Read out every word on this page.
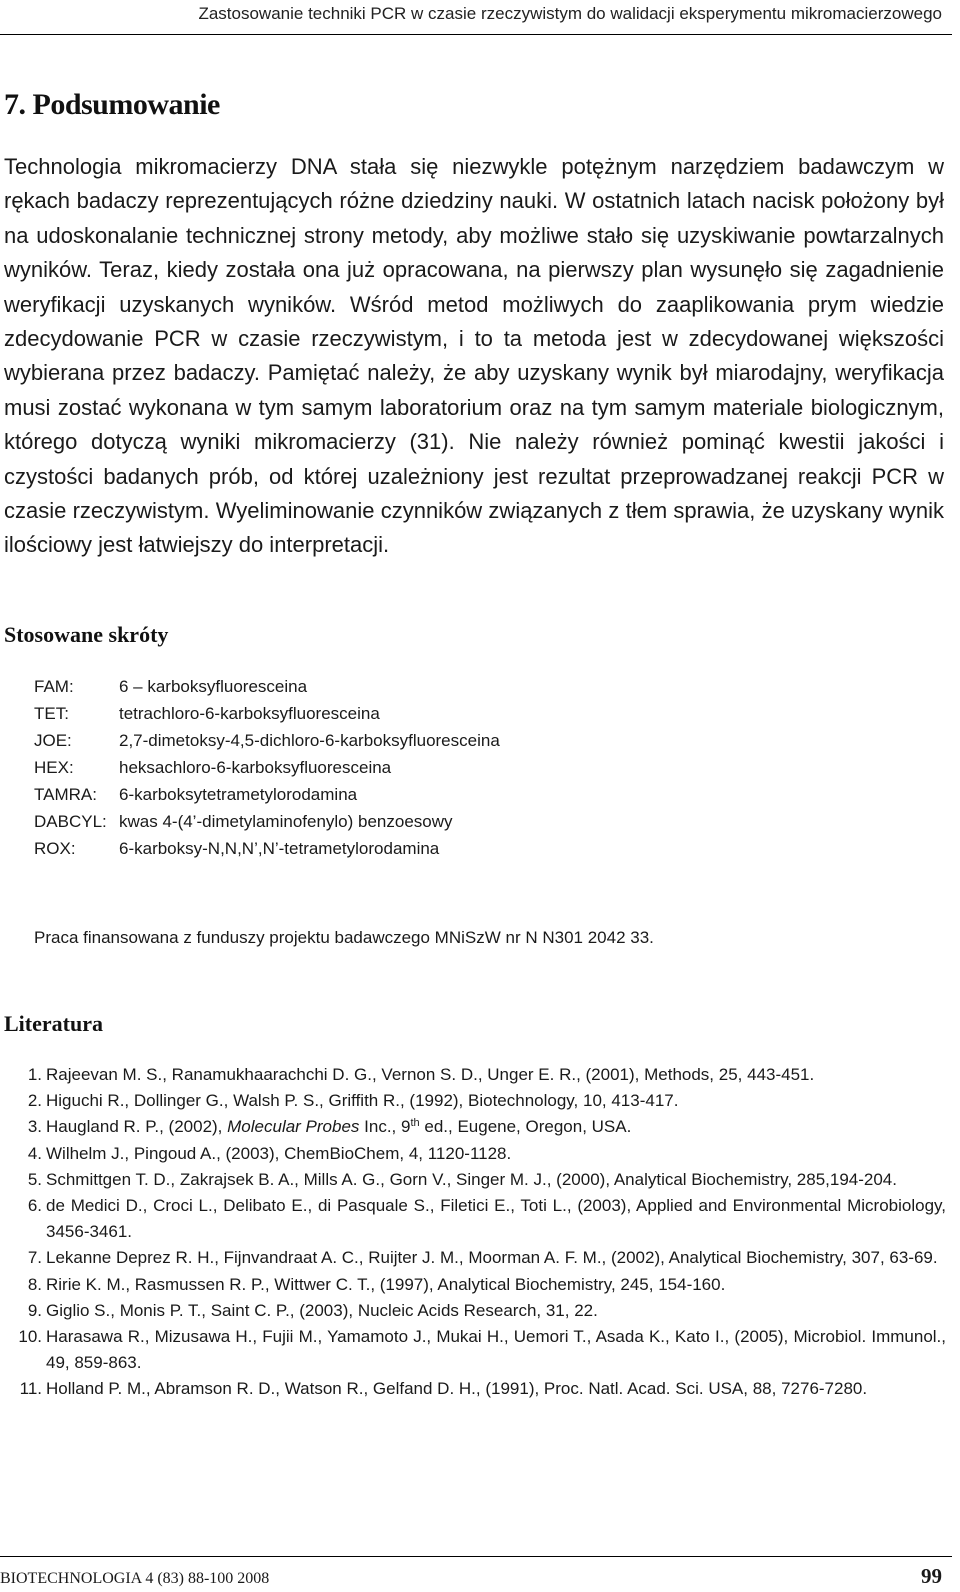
Zastosowanie techniki PCR w czasie rzeczywistym do walidacji eksperymentu mikromacierzowego
7. Podsumowanie
Technologia mikromacierzy DNA stała się niezwykle potężnym narzędziem badawczym w rękach badaczy reprezentujących różne dziedziny nauki. W ostatnich latach nacisk położony był na udoskonalanie technicznej strony metody, aby możliwe stało się uzyskiwanie powtarzalnych wyników. Teraz, kiedy została ona już opracowana, na pierwszy plan wysunęło się zagadnienie weryfikacji uzyskanych wyników. Wśród metod możliwych do zaaplikowania prym wiedzie zdecydowanie PCR w czasie rzeczywistym, i to ta metoda jest w zdecydowanej większości wybierana przez badaczy. Pamiętać należy, że aby uzyskany wynik był miarodajny, weryfikacja musi zostać wykonana w tym samym laboratorium oraz na tym samym materiale biologicznym, którego dotyczą wyniki mikromacierzy (31). Nie należy również pominąć kwestii jakości i czystości badanych prób, od której uzależniony jest rezultat przeprowadzanej reakcji PCR w czasie rzeczywistym. Wyeliminowanie czynników związanych z tłem sprawia, że uzyskany wynik ilościowy jest łatwiejszy do interpretacji.
Stosowane skróty
FAM:	6 – karboksyfluoresceina
TET:	tetrachloro-6-karboksyfluoresceina
JOE:	2,7-dimetoksy-4,5-dichloro-6-karboksyfluoresceina
HEX:	heksachloro-6-karboksyfluoresceina
TAMRA:	6-karboksytetrametylorodamina
DABCYL: kwas 4-(4’-dimetylaminofenylo) benzoesowy
ROX:	6-karboksy-N,N,N’,N’-tetrametylorodamina
Praca finansowana z funduszy projektu badawczego MNiSzW nr N N301 2042 33.
Literatura
1. Rajeevan M. S., Ranamukhaarachchi D. G., Vernon S. D., Unger E. R., (2001), Methods, 25, 443-451.
2. Higuchi R., Dollinger G., Walsh P. S., Griffith R., (1992), Biotechnology, 10, 413-417.
3. Haugland R. P., (2002), Molecular Probes Inc., 9th ed., Eugene, Oregon, USA.
4. Wilhelm J., Pingoud A., (2003), ChemBioChem, 4, 1120-1128.
5. Schmittgen T. D., Zakrajsek B. A., Mills A. G., Gorn V., Singer M. J., (2000), Analytical Biochemistry, 285,194-204.
6. de Medici D., Croci L., Delibato E., di Pasquale S., Filetici E., Toti L., (2003), Applied and Environmental Microbiology, 3456-3461.
7. Lekanne Deprez R. H., Fijnvandraat A. C., Ruijter J. M., Moorman A. F. M., (2002), Analytical Biochemistry, 307, 63-69.
8. Ririe K. M., Rasmussen R. P., Wittwer C. T., (1997), Analytical Biochemistry, 245, 154-160.
9. Giglio S., Monis P. T., Saint C. P., (2003), Nucleic Acids Research, 31, 22.
10. Harasawa R., Mizusawa H., Fujii M., Yamamoto J., Mukai H., Uemori T., Asada K., Kato I., (2005), Microbiol. Immunol., 49, 859-863.
11. Holland P. M., Abramson R. D., Watson R., Gelfand D. H., (1991), Proc. Natl. Acad. Sci. USA, 88, 7276-7280.
BIOTECHNOLOGIA 4 (83) 88-100 2008	99
